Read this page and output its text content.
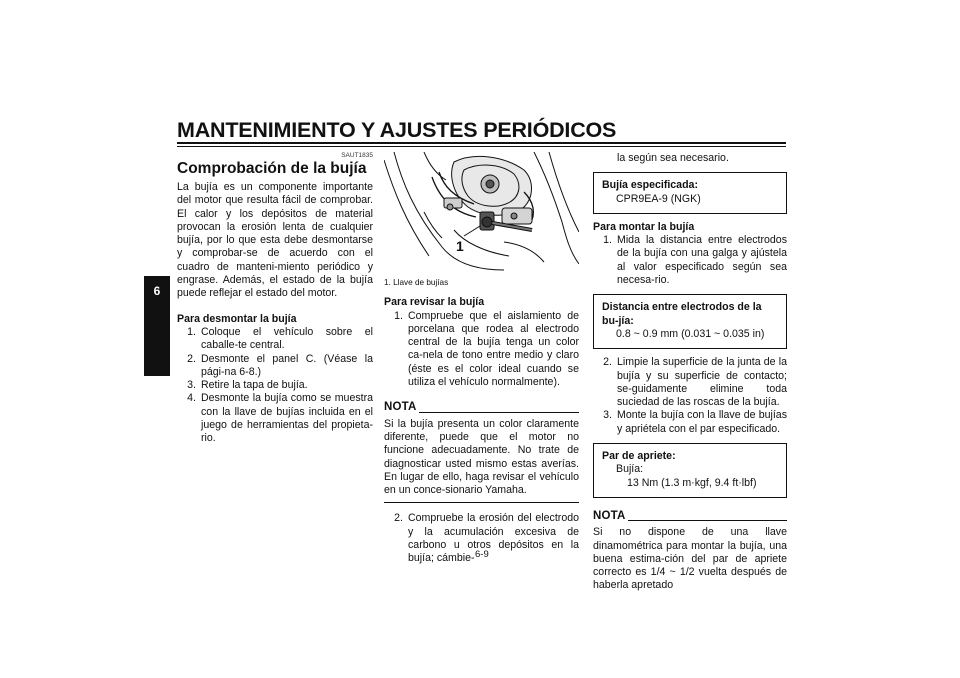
MANTENIMIENTO Y AJUSTES PERIÓDICOS
6
SAUT1835
Comprobación de la bujía
La bujía es un componente importante del motor que resulta fácil de comprobar. El calor y los depósitos de material provocan la erosión lenta de cualquier bujía, por lo que esta debe desmontarse y comprobar-se de acuerdo con el cuadro de manteni-miento periódico y engrase. Además, el estado de la bujía puede reflejar el estado del motor.
Para desmontar la bujía
1. Coloque el vehículo sobre el caballe-te central.
2. Desmonte el panel C. (Véase la pági-na 6-8.)
3. Retire la tapa de bujía.
4. Desmonte la bujía como se muestra con la llave de bujías incluida en el juego de herramientas del propieta-rio.
1
1. Llave de bujías
Para revisar la bujía
1. Compruebe que el aislamiento de porcelana que rodea al electrodo central de la bujía tenga un color ca-nela de tono entre medio y claro (éste es el color ideal cuando se utiliza el vehículo normalmente).
NOTA
Si la bujía presenta un color claramente diferente, puede que el motor no funcione adecuadamente. No trate de diagnosticar usted mismo estas averías. En lugar de ello, haga revisar el vehículo en un conce-sionario Yamaha.
2. Compruebe la erosión del electrodo y la acumulación excesiva de carbono u otros depósitos en la bujía; cámbie-
la según sea necesario.
Bujía especificada:
CPR9EA-9 (NGK)
Para montar la bujía
1. Mida la distancia entre electrodos de la bujía con una galga y ajústela al valor especificado según sea necesa-rio.
Distancia entre electrodos de la bu-jía:
0.8 ~ 0.9 mm (0.031 ~ 0.035 in)
2. Limpie la superficie de la junta de la bujía y su superficie de contacto; se-guidamente elimine toda suciedad de las roscas de la bujía.
3. Monte la bujía con la llave de bujías y apriétela con el par especificado.
Par de apriete:
Bujía:
13 Nm (1.3 m·kgf, 9.4 ft·lbf)
NOTA
Si no dispone de una llave dinamométrica para montar la bujía, una buena estima-ción del par de apriete correcto es 1/4 ~ 1/2 vuelta después de haberla apretado
6-9
